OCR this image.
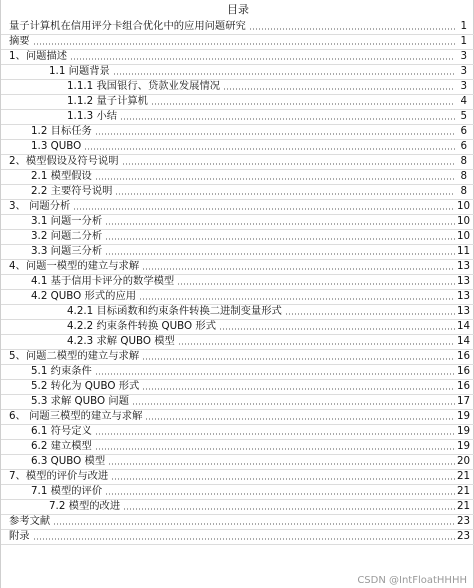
目录
量子计算机在信用评分卡组合优化中的应用问题研究	1
摘要	1
1、问题描述	3
1.1 问题背景	3
1.1.1 我国银行、贷款业发展情况	3
1.1.2 量子计算机	4
1.1.3 小结	5
1.2 目标任务	6
1.3 QUBO	6
2、模型假设及符号说明	8
2.1 模型假设	8
2.2 主要符号说明	8
3、 问题分析	10
3.1 问题一分析	10
3.2 问题二分析	10
3.3 问题三分析	11
4、问题一模型的建立与求解	13
4.1 基于信用卡评分的数学模型	13
4.2 QUBO 形式的应用	13
4.2.1 目标函数和约束条件转换二进制变量形式	13
4.2.2 约束条件转换 QUBO 形式	14
4.2.3 求解 QUBO 模型	14
5、问题二模型的建立与求解	16
5.1 约束条件	16
5.2 转化为 QUBO 形式	16
5.3 求解 QUBO 问题	17
6、 问题三模型的建立与求解	19
6.1 符号定义	19
6.2 建立模型	19
6.3 QUBO 模型	20
7、模型的评价与改进	21
7.1 模型的评价	21
7.2 模型的改进	21
参考文献	23
附录	23
CSDN @IntFloatHHHH
